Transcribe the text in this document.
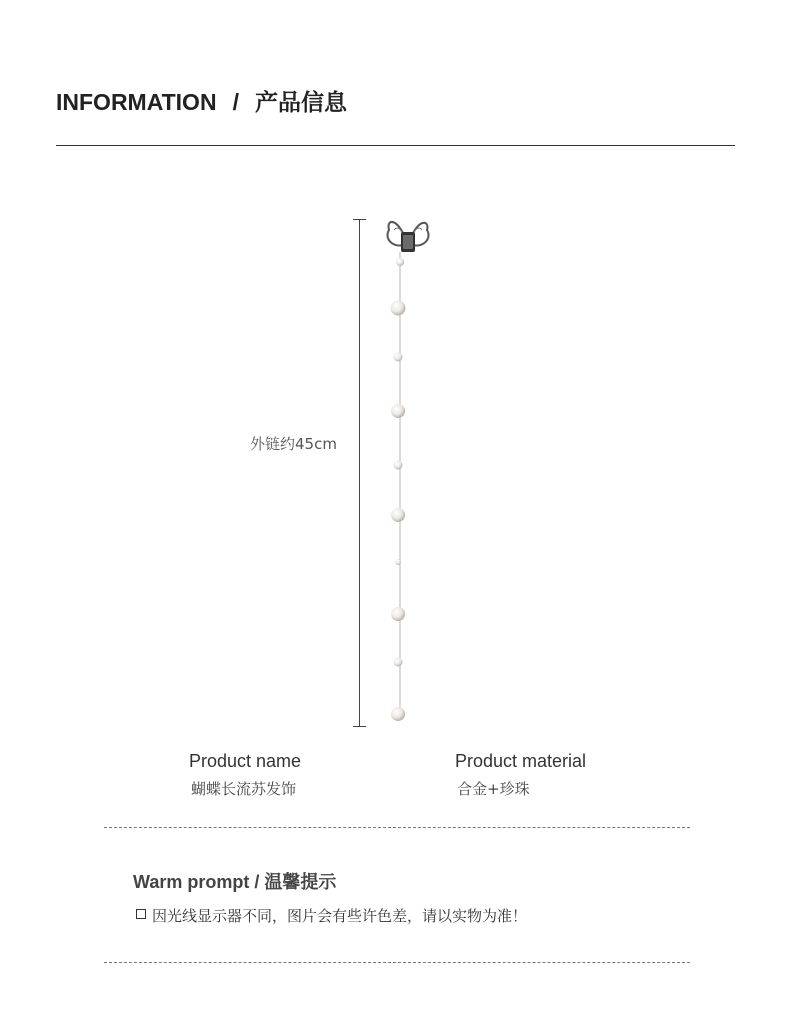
INFORMATION / 产品信息
外链约45cm
Product name
蝴蝶长流苏发饰
Product material
合金+珍珠
Warm prompt / 温馨提示
因光线显示器不同，图片会有些许色差，请以实物为准！
